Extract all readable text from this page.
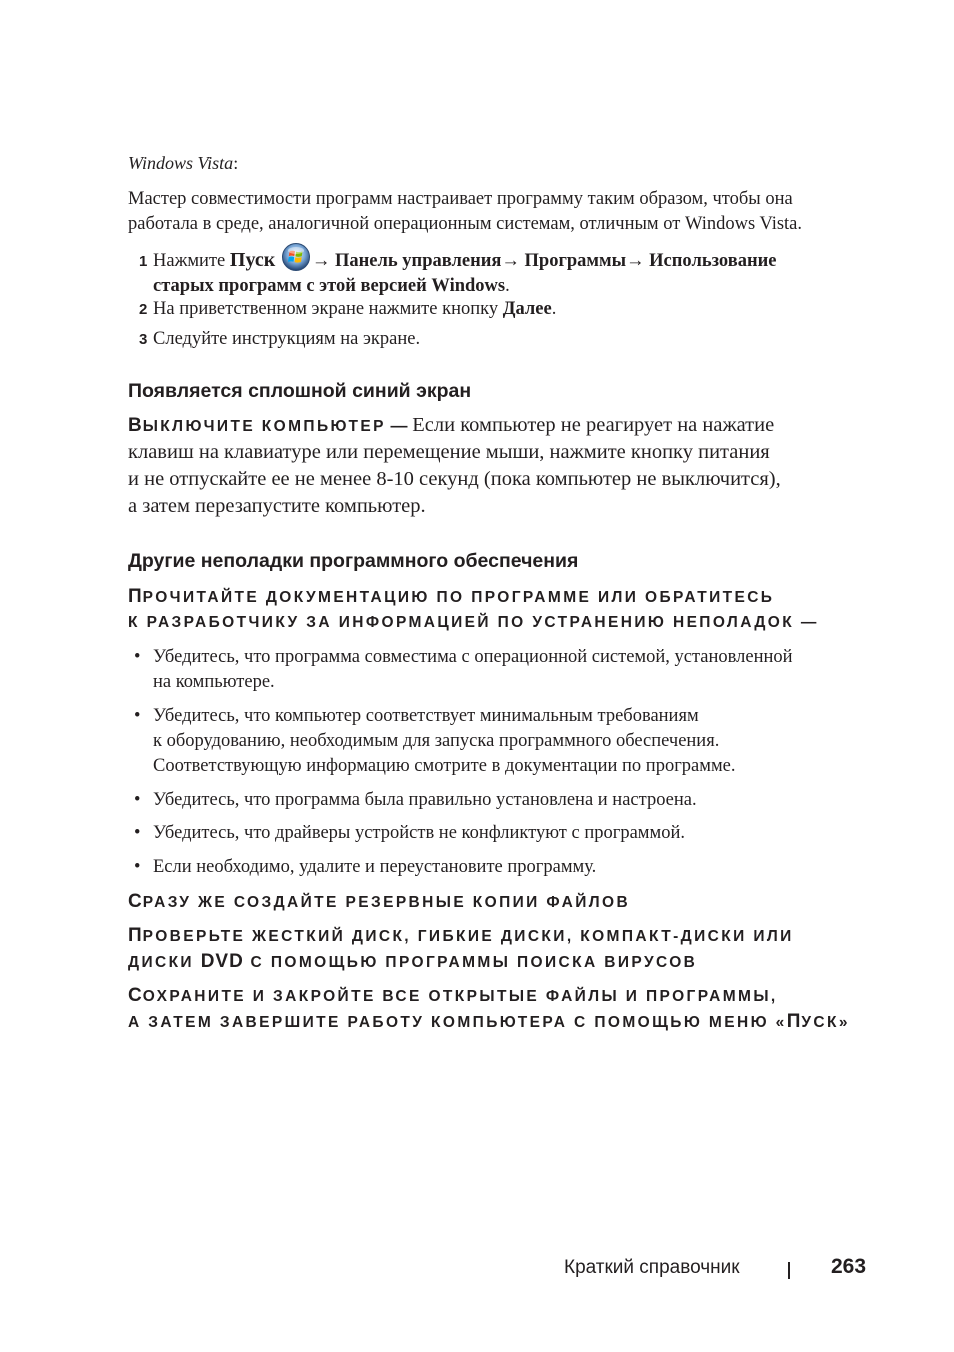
Windows Vista:
Мастер совместимости программ настраивает программу таким образом, чтобы она
работала в среде, аналогичной операционным системам, отличным от Windows Vista.
1 Нажмите Пуск → Панель управления→ Программы→ Использование
старых программ с этой версией Windows.
2 На приветственном экране нажмите кнопку Далее.
3 Следуйте инструкциям на экране.
Появляется сплошной синий экран
ВЫКЛЮЧИТЕ КОМПЬЮТЕР — Если компьютер не реагирует на нажатие
клавиш на клавиатуре или перемещение мыши, нажмите кнопку питания
и не отпускайте ее не менее 8-10 секунд (пока компьютер не выключится),
а затем перезапустите компьютер.
Другие неполадки программного обеспечения
ПРОЧИТАЙТЕ ДОКУМЕНТАЦИЮ ПО ПРОГРАММЕ ИЛИ ОБРАТИТЕСЬ
К РАЗРАБОТЧИКУ ЗА ИНФОРМАЦИЕЙ ПО УСТРАНЕНИЮ НЕПОЛАДОК —
• Убедитесь, что программа совместима с операционной системой, установленной
на компьютере.
• Убедитесь, что компьютер соответствует минимальным требованиям
к оборудованию, необходимым для запуска программного обеспечения.
Соответствующую информацию смотрите в документации по программе.
• Убедитесь, что программа была правильно установлена и настроена.
• Убедитесь, что драйверы устройств не конфликтуют с программой.
• Если необходимо, удалите и переустановите программу.
СРАЗУ ЖЕ СОЗДАЙТЕ РЕЗЕРВНЫЕ КОПИИ ФАЙЛОВ
ПРОВЕРЬТЕ ЖЕСТКИЙ ДИСК, ГИБКИЕ ДИСКИ, КОМПАКТ-ДИСКИ ИЛИ
ДИСКИ DVD С ПОМОЩЬЮ ПРОГРАММЫ ПОИСКА ВИРУСОВ
СОХРАНИТЕ И ЗАКРОЙТЕ ВСЕ ОТКРЫТЫЕ ФАЙЛЫ И ПРОГРАММЫ,
А ЗАТЕМ ЗАВЕРШИТЕ РАБОТУ КОМПЬЮТЕРА С ПОМОЩЬЮ МЕНЮ «ПУСК»
Краткий справочник	263
